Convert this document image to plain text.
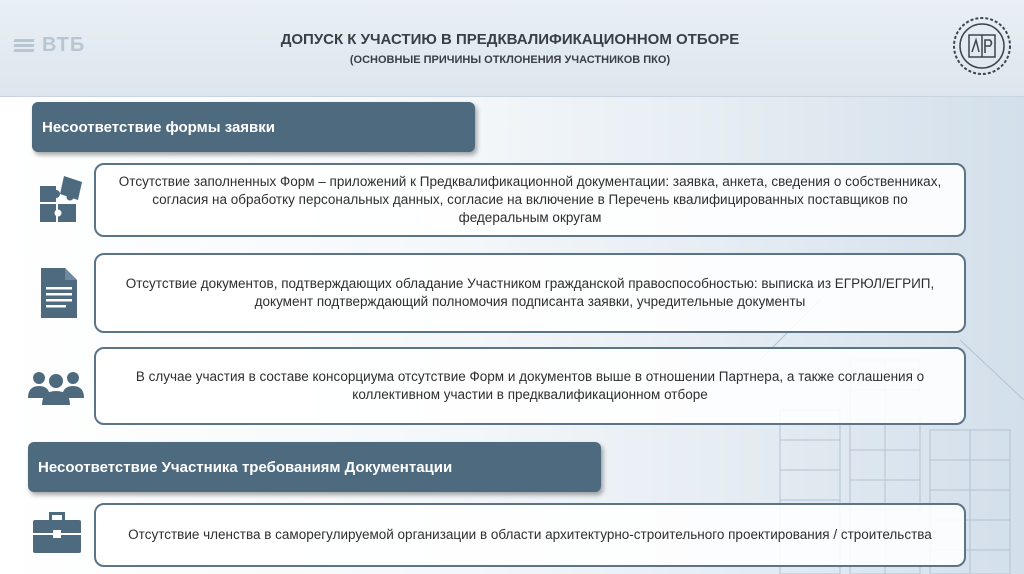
ВТБ	ДОПУСК К УЧАСТИЮ В ПРЕДКВАЛИФИКАЦИОННОМ ОТБОРЕ
(ОСНОВНЫЕ ПРИЧИНЫ ОТКЛОНЕНИЯ УЧАСТНИКОВ ПКО)
Несоответствие формы заявки
Отсутствие заполненных Форм – приложений к Предквалификационной документации: заявка, анкета, сведения о собственниках, согласия на обработку персональных данных, согласие на включение в Перечень квалифицированных поставщиков по федеральным округам
Отсутствие документов, подтверждающих обладание Участником гражданской правоспособностью: выписка из ЕГРЮЛ/ЕГРИП, документ подтверждающий полномочия подписанта заявки, учредительные документы
В случае участия в составе консорциума отсутствие Форм и документов выше в отношении Партнера, а также соглашения о коллективном участии в предквалификационном отборе
Несоответствие Участника требованиям Документации
Отсутствие членства в саморегулируемой организации в области архитектурно-строительного проектирования / строительства
